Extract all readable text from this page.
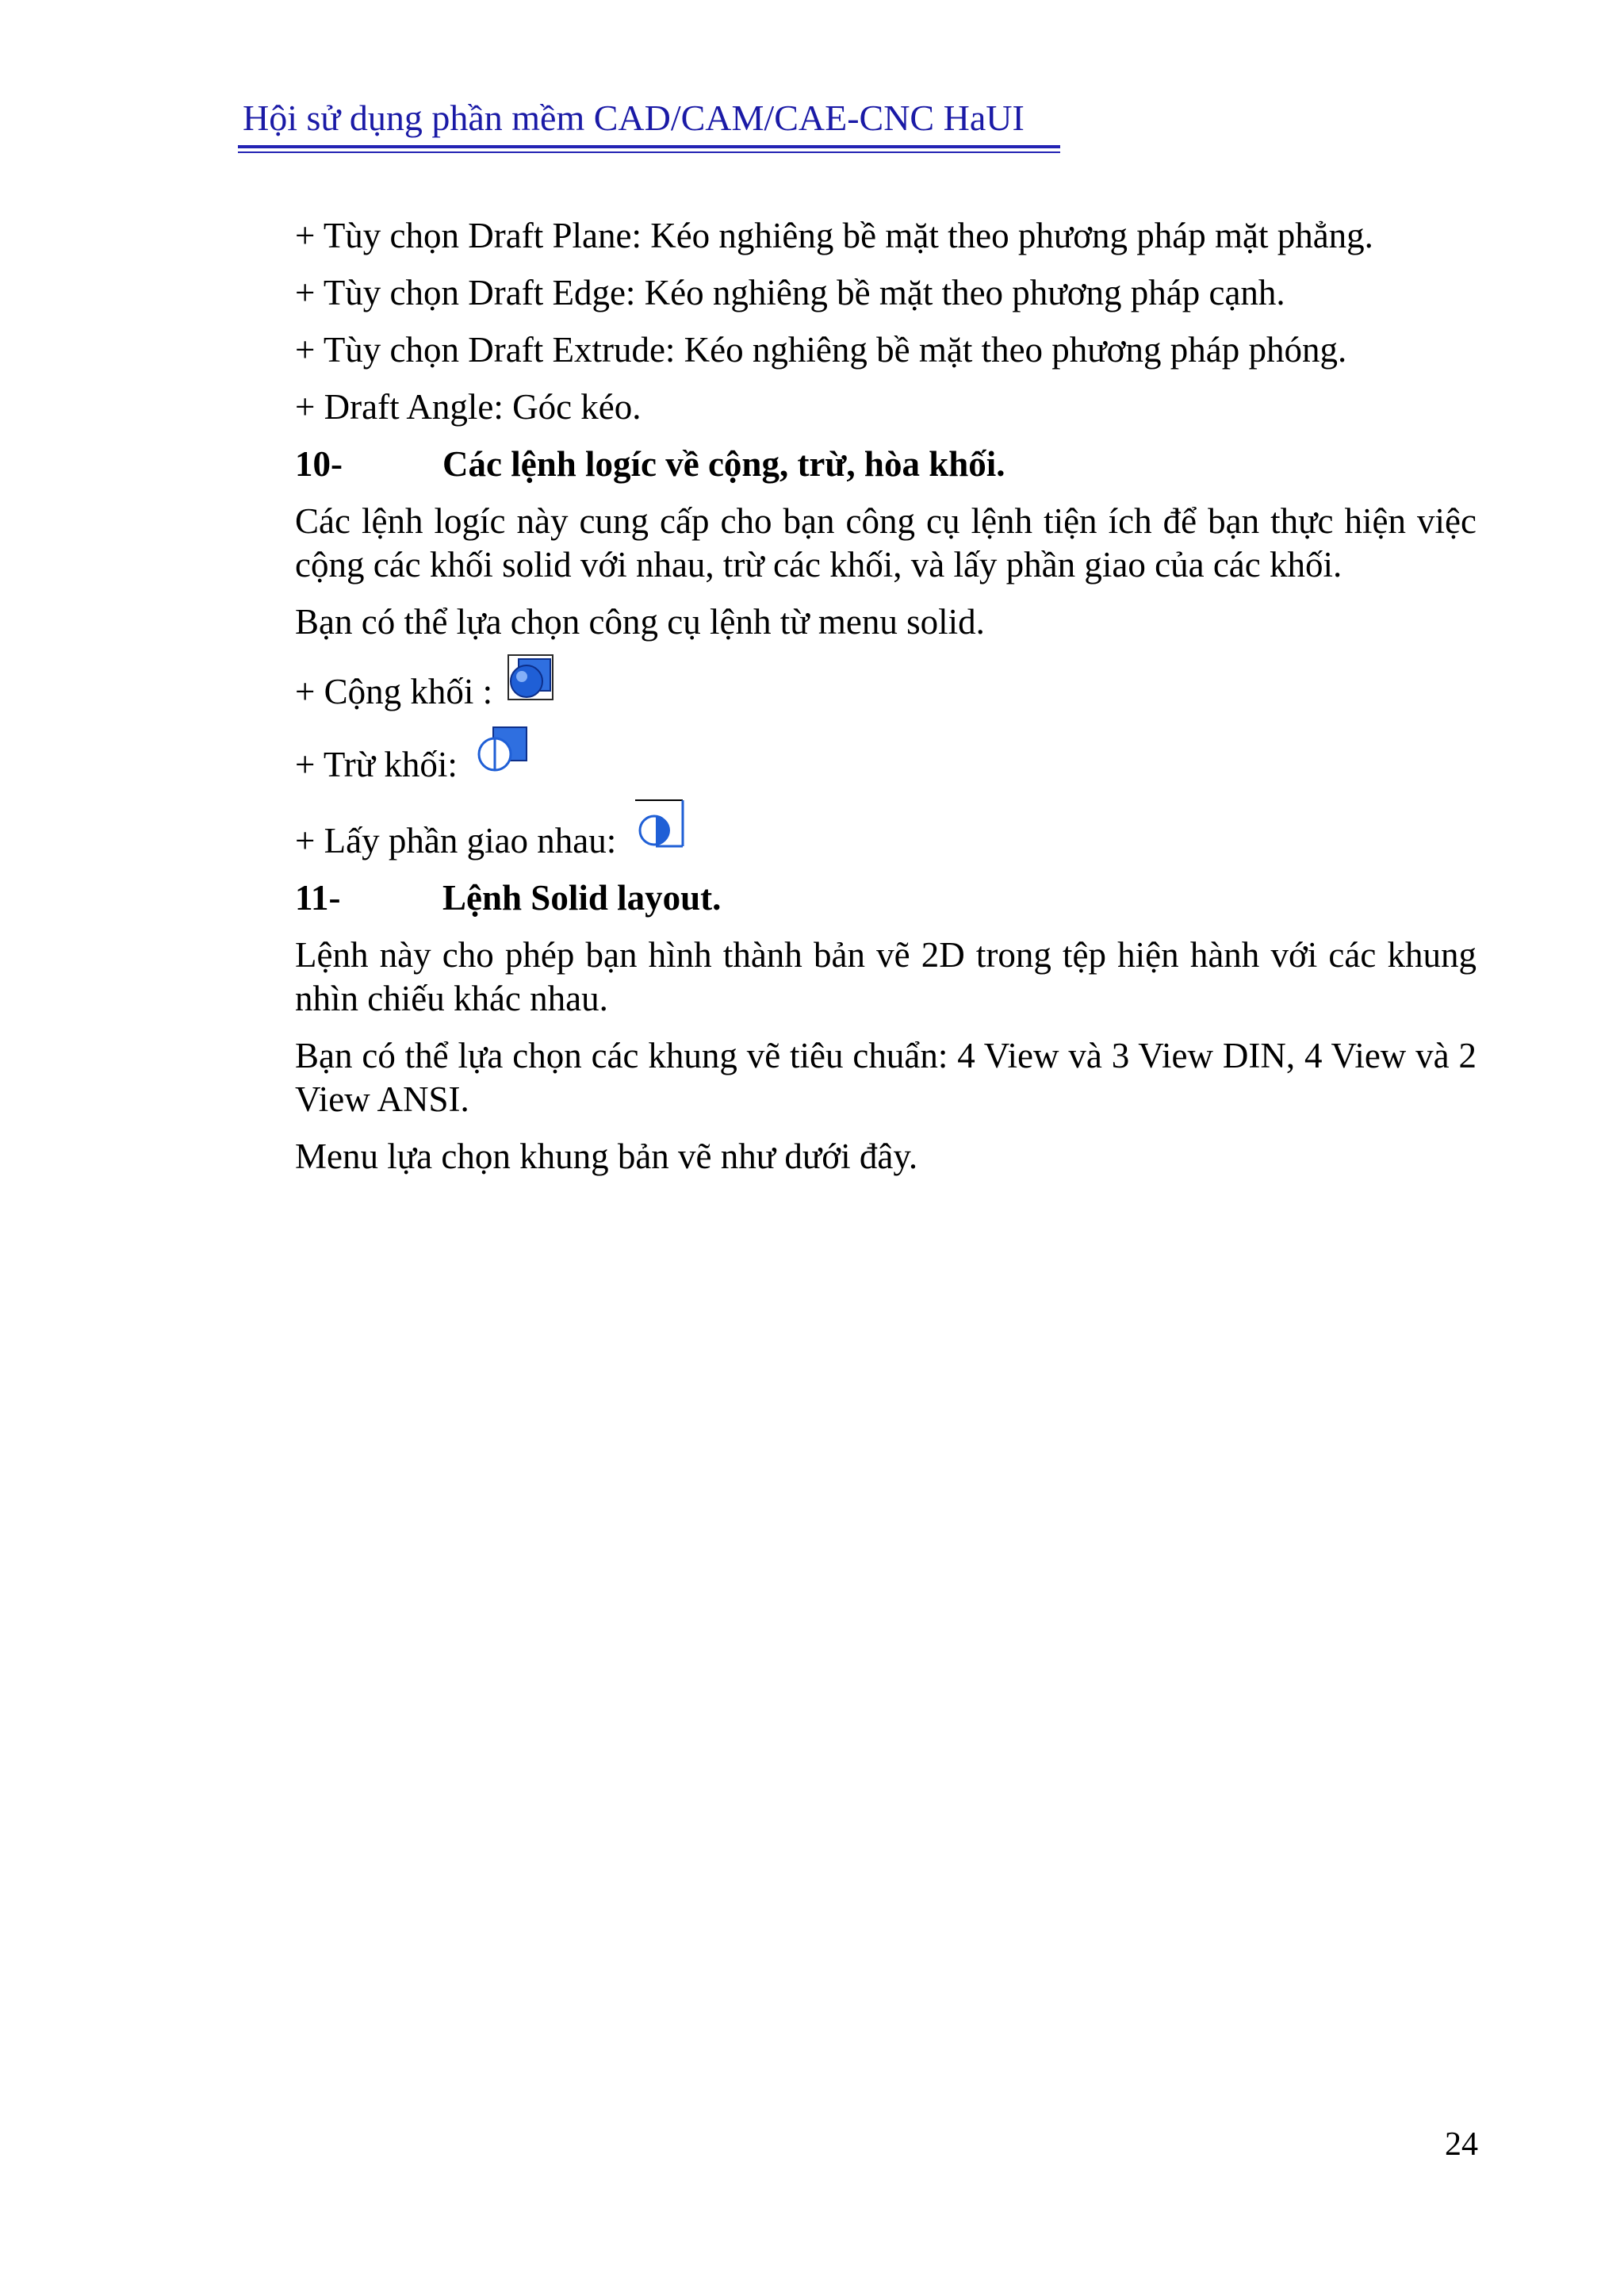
Hội sử dụng phần mềm CAD/CAM/CAE-CNC HaUI

+ Tùy chọn Draft Plane: Kéo nghiêng bề mặt theo phương pháp mặt phẳng.

+ Tùy chọn Draft Edge: Kéo nghiêng bề mặt theo phương pháp cạnh.

+ Tùy chọn Draft Extrude: Kéo nghiêng bề mặt theo phương pháp phóng.

+ Draft Angle: Góc kéo.

10-	Các lệnh logíc về cộng, trừ, hòa khối.

Các lệnh logíc này cung cấp cho bạn công cụ lệnh tiện ích để bạn thực hiện việc cộng các khối solid với nhau, trừ các khối, và lấy phần giao của các khối.

Bạn có thể lựa chọn công cụ lệnh từ menu solid.

+ Cộng khối :
+ Trừ khối:
+ Lấy phần giao nhau:
11-	Lệnh Solid layout.

Lệnh này cho phép bạn hình thành bản vẽ 2D trong tệp hiện hành với các khung nhìn chiếu khác nhau.

Bạn có thể lựa chọn các khung vẽ tiêu chuẩn: 4 View và 3 View DIN, 4 View và 2 View ANSI.

Menu lựa chọn khung bản vẽ như dưới đây.

24
